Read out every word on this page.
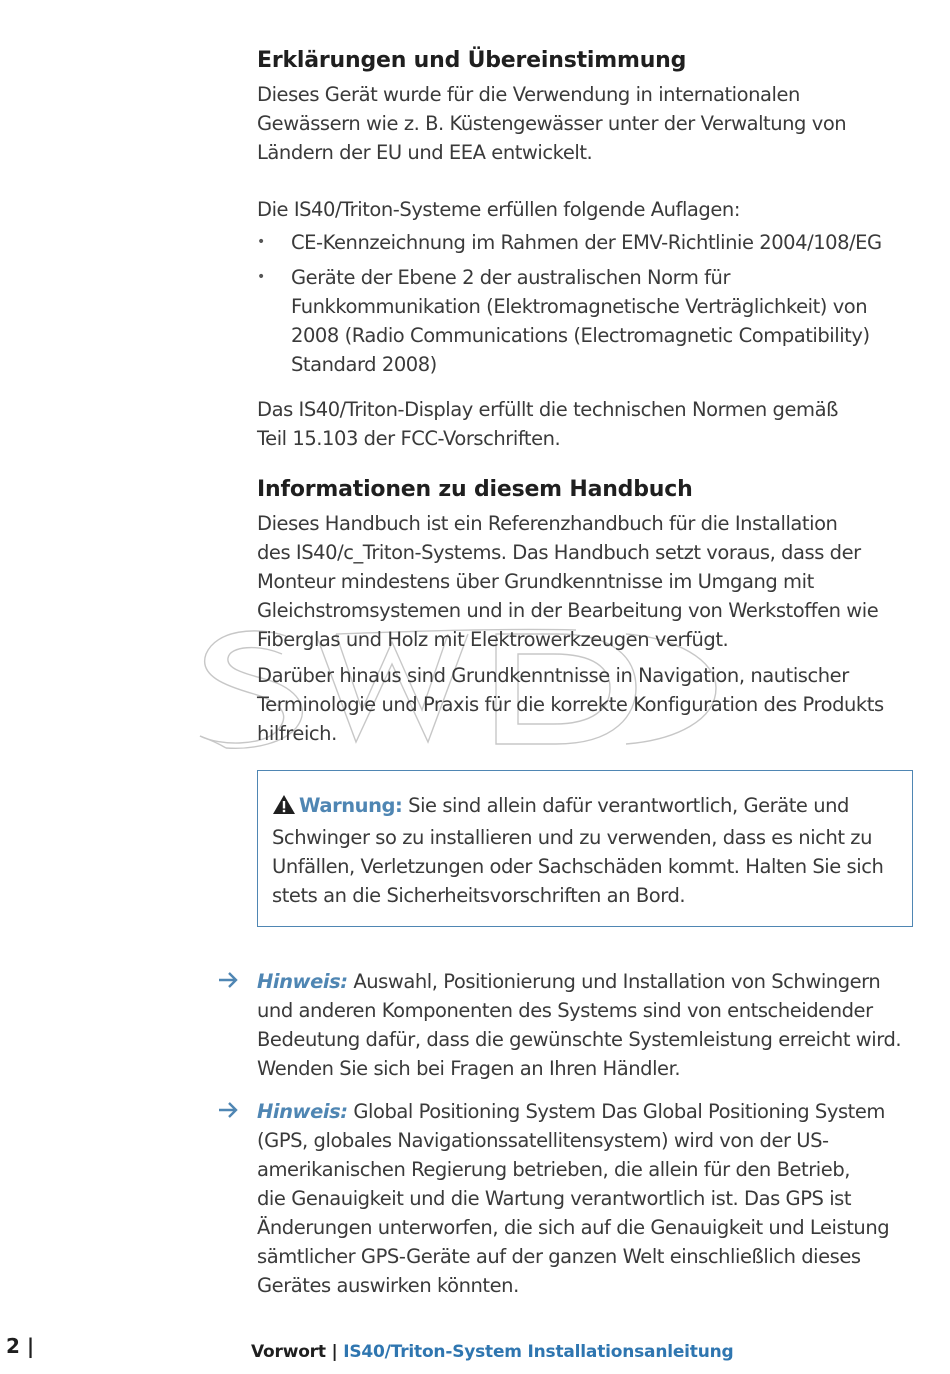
Erklärungen und Übereinstimmung

Dieses Gerät wurde für die Verwendung in internationalen
Gewässern wie z. B. Küstengewässer unter der Verwaltung von
Ländern der EU und EEA entwickelt.

Die IS40/Triton-Systeme erfüllen folgende Auflagen:

• CE-Kennzeichnung im Rahmen der EMV-Richtlinie 2004/108/EG
• Geräte der Ebene 2 der australischen Norm für
Funkkommunikation (Elektromagnetische Verträglichkeit) von
2008 (Radio Communications (Electromagnetic Compatibility)
Standard 2008)

Das IS40/Triton-Display erfüllt die technischen Normen gemäß
Teil 15.103 der FCC-Vorschriften.

Informationen zu diesem Handbuch

Dieses Handbuch ist ein Referenzhandbuch für die Installation
des IS40/c_Triton-Systems. Das Handbuch setzt voraus, dass der
Monteur mindestens über Grundkenntnisse im Umgang mit
Gleichstromsystemen und in der Bearbeitung von Werkstoffen wie
Fiberglas und Holz mit Elektrowerkzeugen verfügt.

Darüber hinaus sind Grundkenntnisse in Navigation, nautischer
Terminologie und Praxis für die korrekte Konfiguration des Produkts
hilfreich.

Warnung: Sie sind allein dafür verantwortlich, Geräte und
Schwinger so zu installieren und zu verwenden, dass es nicht zu
Unfällen, Verletzungen oder Sachschäden kommt. Halten Sie sich
stets an die Sicherheitsvorschriften an Bord.

Hinweis: Auswahl, Positionierung und Installation von Schwingern
und anderen Komponenten des Systems sind von entscheidender
Bedeutung dafür, dass die gewünschte Systemleistung erreicht wird.
Wenden Sie sich bei Fragen an Ihren Händler.

Hinweis: Global Positioning System Das Global Positioning System
(GPS, globales Navigationssatellitensystem) wird von der US-
amerikanischen Regierung betrieben, die allein für den Betrieb,
die Genauigkeit und die Wartung verantwortlich ist. Das GPS ist
Änderungen unterworfen, die sich auf die Genauigkeit und Leistung
sämtlicher GPS-Geräte auf der ganzen Welt einschließlich dieses
Gerätes auswirken könnten.

2 |	Vorwort | IS40/Triton-System Installationsanleitung
